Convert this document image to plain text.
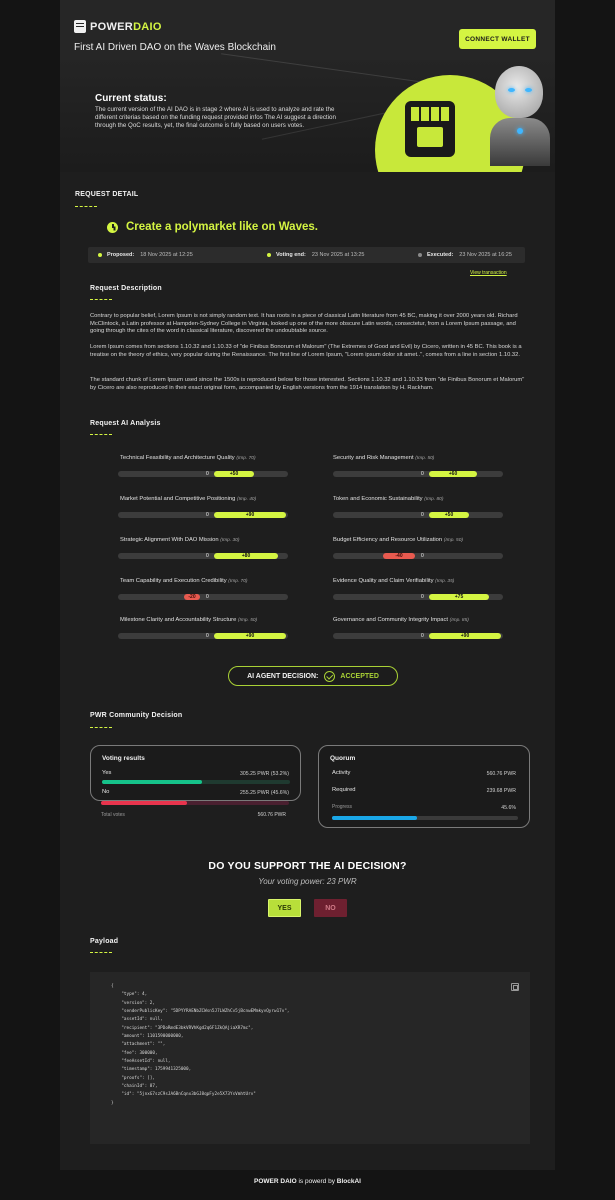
POWERDAIO
First AI Driven DAO on the Waves Blockchain
CONNECT WALLET
Current status:
The current version of the AI DAO is in stage 2 where AI is used to analyze and rate the different criterias based on the funding request provided infos The AI suggest a direction through the QoC results, yet, the final outcome is fully based on users votes.
REQUEST DETAIL
Create a polymarket like on Waves.
Proposed: 18 Nov 2025 at 12:25	Voting end: 23 Nov 2025 at 13:25	Executed: 23 Nov 2025 at 16:25
View transaction
Request Description
Contrary to popular belief, Lorem Ipsum is not simply random text. It has roots in a piece of classical Latin literature from 45 BC, making it over 2000 years old. Richard McClintock, a Latin professor at Hampden-Sydney College in Virginia, looked up one of the more obscure Latin words, consectetur, from a Lorem Ipsum passage, and going through the cites of the word in classical literature, discovered the undoubtable source.
Lorem Ipsum comes from sections 1.10.32 and 1.10.33 of "de Finibus Bonorum et Malorum" (The Extremes of Good and Evil) by Cicero, written in 45 BC. This book is a treatise on the theory of ethics, very popular during the Renaissance. The first line of Lorem Ipsum, "Lorem ipsum dolor sit amet..", comes from a line in section 1.10.32.
The standard chunk of Lorem Ipsum used since the 1500s is reproduced below for those interested. Sections 1.10.32 and 1.10.33 from "de Finibus Bonorum et Malorum" by Cicero are also reproduced in their exact original form, accompanied by English versions from the 1914 translation by H. Rackham.
Request AI Analysis
Technical Feasibility and Architecture Quality (Imp. 70)
+50
0
Security and Risk Management (Imp. 50)
+60
0
Market Potential and Competitive Positioning (Imp. 40)
+90
0
Token and Economic Sustainability (Imp. 80)
+50
0
Strategic Alignment With DAO Mission (Imp. 30)
+80
0
Budget Efficiency and Resource Utilization (Imp. 50)
-40	0
Team Capability and Execution Credibility (Imp. 70)
-20	0
Evidence Quality and Claim Verifiability (Imp. 35)
+75
0
Milestone Clarity and Accountability Structure (Imp. 50)
+90
0
Governance and Community Integrity Impact (Imp. 85)
+90
0
AI AGENT DECISION:	ACCEPTED
PWR Community Decision
Voting results
Yes	305.25 PWR (53.2%)
No	255.25 PWR (45.6%)
Total votes	560.76 PWR
Quorum
Activity	560.76 PWR
Required	239.68 PWR
Progress	45.6%
DO YOU SUPPORT THE AI DECISION?
Your voting power: 23 PWR
YES	NO
Payload
{
"type": 4,
"version": 2,
"senderPublicKey": "5DPYYRAENbZCWsn5J7LWZhCv5jBcnwEMmkyvQyrw17v",
"assetId": null,
"recipient": "3PDoRmdE3bkVRVhKgd2q6F1ZkQAjiaXR7mc",
"amount": 1101590000000,
"attachment": "",
"fee": 300000,
"feeAssetId": null,
"timestamp": 1759941325000,
"proofs": [],
"chainId": 87,
"id": "5jnxG7szC9sJA6BnCqnx3bGJ8qpFy2e5X73YsVmhtUrv"
}
POWER DAIO is powerd by BlockAI
